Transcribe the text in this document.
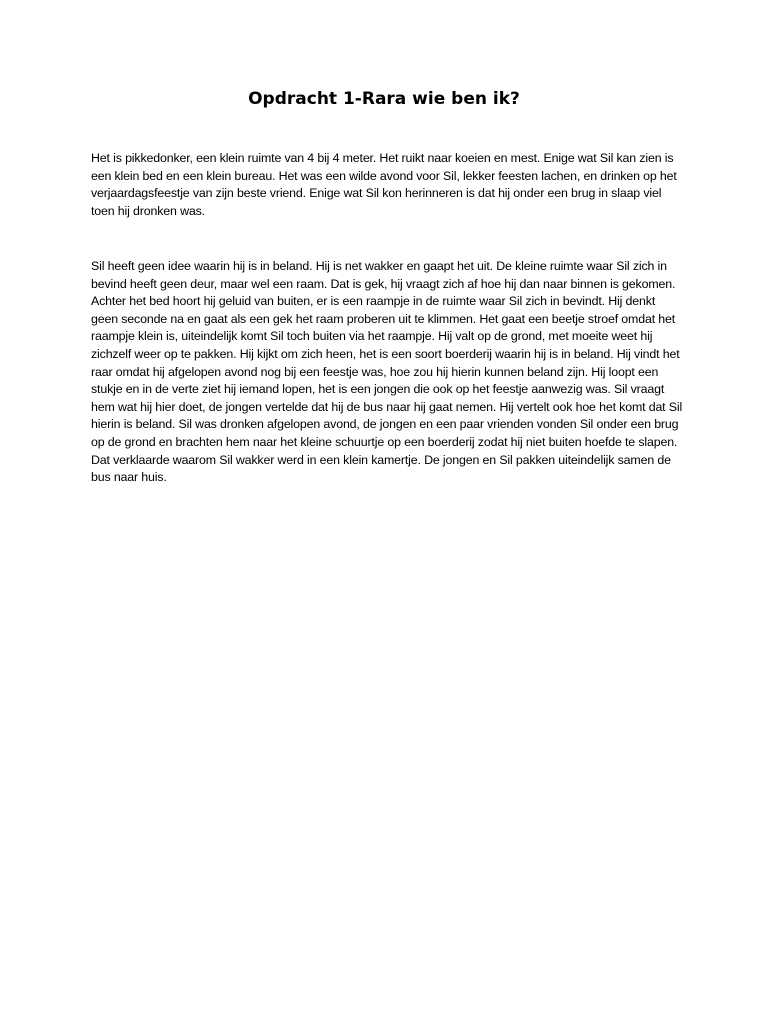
Opdracht 1-Rara wie ben ik?

Het is pikkedonker, een klein ruimte van 4 bij 4 meter. Het ruikt naar koeien en mest. Enige wat Sil kan zien is een klein bed en een klein bureau. Het was een wilde avond voor Sil, lekker feesten lachen, en drinken op het verjaardagsfeestje van zijn beste vriend. Enige wat Sil kon herinneren is dat hij onder een brug in slaap viel toen hij dronken was.

Sil heeft geen idee waarin hij is in beland. Hij is net wakker en gaapt het uit. De kleine ruimte waar Sil zich in bevind heeft geen deur, maar wel een raam. Dat is gek, hij vraagt zich af hoe hij dan naar binnen is gekomen. Achter het bed hoort hij geluid van buiten, er is een raampje in de ruimte waar Sil zich in bevindt. Hij denkt geen seconde na en gaat als een gek het raam proberen uit te klimmen. Het gaat een beetje stroef omdat het raampje klein is, uiteindelijk komt Sil toch buiten via het raampje. Hij valt op de grond, met moeite weet hij zichzelf weer op te pakken. Hij kijkt om zich heen, het is een soort boerderij waarin hij is in beland. Hij vindt het raar omdat hij afgelopen avond nog bij een feestje was, hoe zou hij hierin kunnen beland zijn. Hij loopt een stukje en in de verte ziet hij iemand lopen, het is een jongen die ook op het feestje aanwezig was. Sil vraagt hem wat hij hier doet, de jongen vertelde dat hij de bus naar hij gaat nemen. Hij vertelt ook hoe het komt dat Sil hierin is beland. Sil was dronken afgelopen avond, de jongen en een paar vrienden vonden Sil onder een brug op de grond en brachten hem naar het kleine schuurtje op een boerderij zodat hij niet buiten hoefde te slapen. Dat verklaarde waarom Sil wakker werd in een klein kamertje. De jongen en Sil pakken uiteindelijk samen de bus naar huis.
